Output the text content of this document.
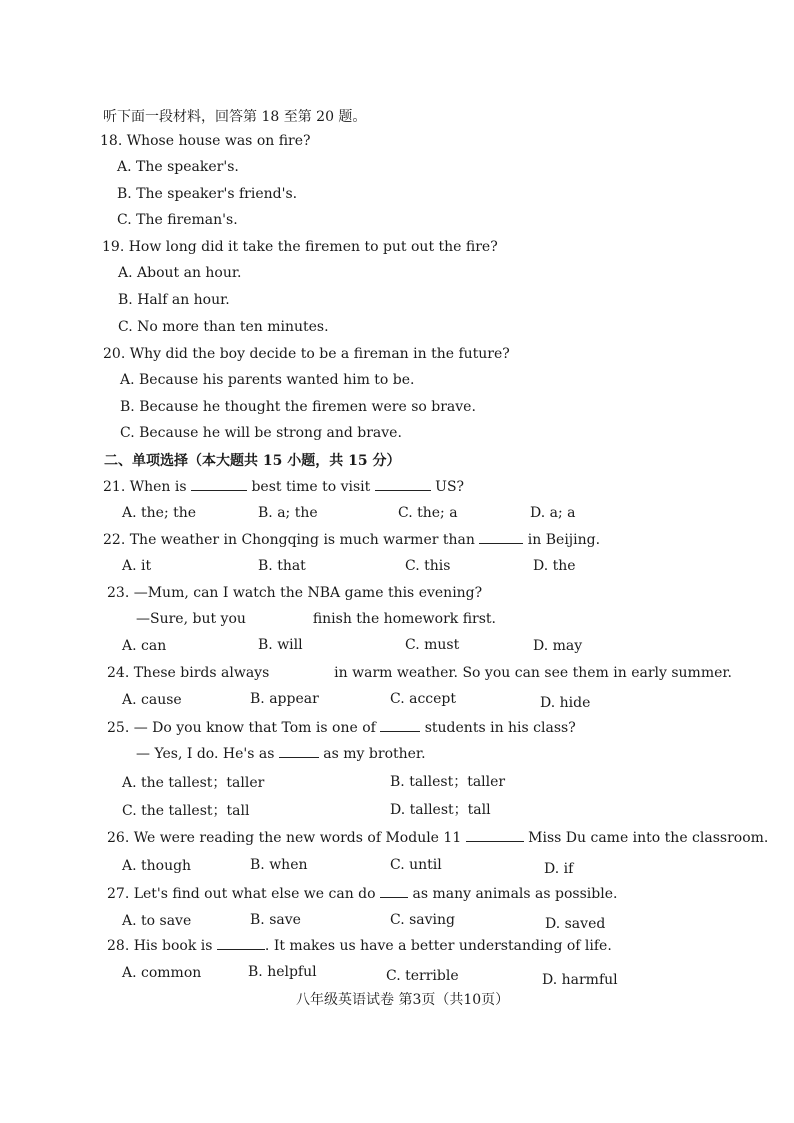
听下面一段材料，回答第 18 至第 20 题。
18. Whose house was on fire?
A. The speaker's.
B. The speaker's friend's.
C. The fireman's.
19. How long did it take the firemen to put out the fire?
A. About an hour.
B. Half an hour.
C. No more than ten minutes.
20. Why did the boy decide to be a fireman in the future?
A. Because his parents wanted him to be.
B. Because he thought the firemen were so brave.
C. Because he will be strong and brave.
二、单项选择（本大题共 15 小题，共 15 分）
21. When is	best time to visit	US?
A. the; the	B. a; the	C. the; a	D. a; a
22. The weather in Chongqing is much warmer than	in Beijing.
A. it	B. that	C. this	D. the
23. —Mum, can I watch the NBA game this evening?
—Sure, but you	finish the homework first.
A. can	B. will	C. must	D. may
24. These birds always	in warm weather. So you can see them in early summer.
A. cause	B. appear	C. accept	D. hide
25. — Do you know that Tom is one of	students in his class?
— Yes, I do. He's as	as my brother.
A. the tallest；taller	B. tallest；taller
C. the tallest；tall	D. tallest；tall
26. We were reading the new words of Module 11	Miss Du came into the classroom.
A. though	B. when	C. until	D. if
27. Let's find out what else we can do	as many animals as possible.
A. to save	B. save	C. saving	D. saved
28. His book is	. It makes us have a better understanding of life.
A. common	B. helpful	C. terrible	D. harmful
八年级英语试卷 第3页（共10页）
